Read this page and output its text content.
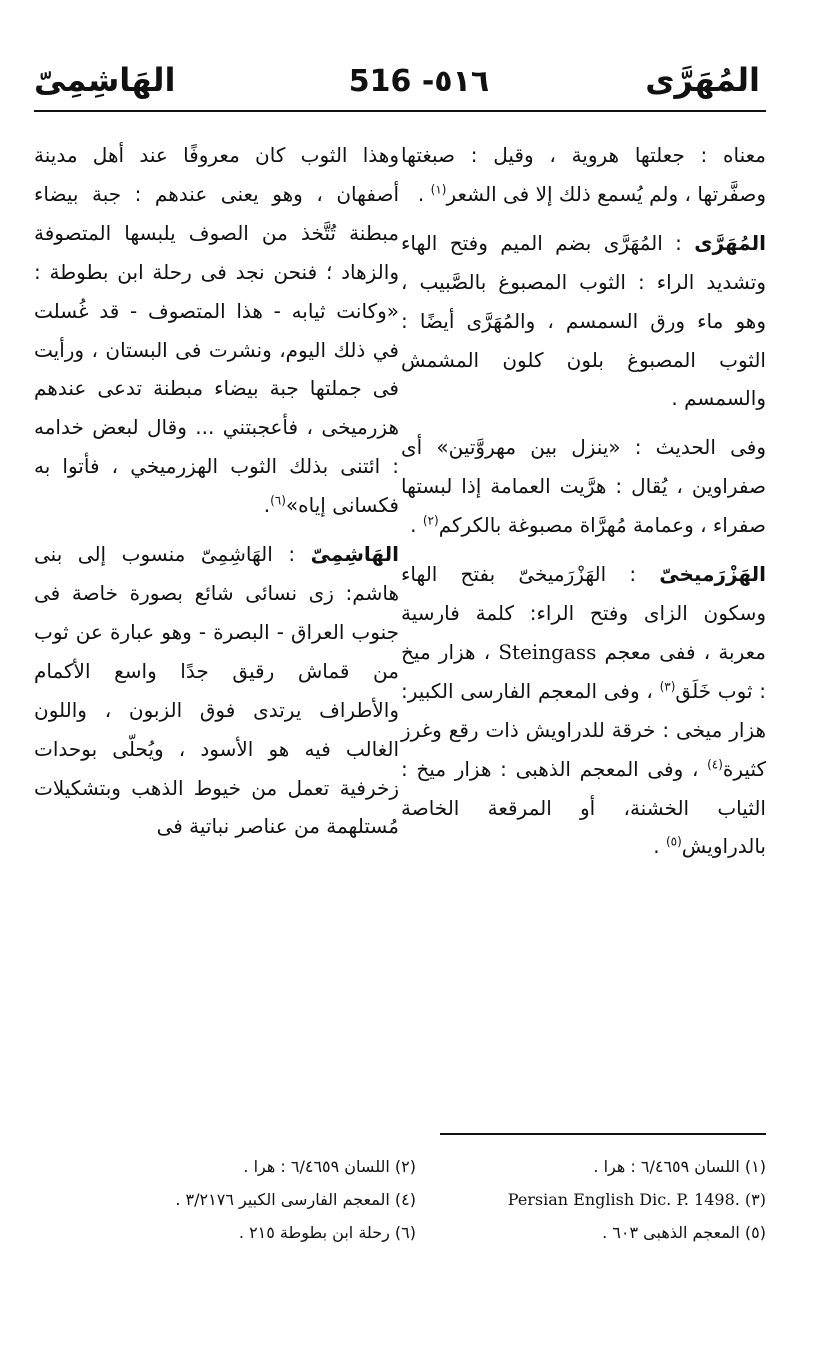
المُهَرَّى
516 -٥١٦
الهَاشِمِىّ

معناه : جعلتها هروية ، وقيل : صبغتها وصفَّرتها ، ولم يُسمع ذلك إلا فى الشعر$^{(١)}$ .

المُهَرَّى : المُهَرَّى بضم الميم وفتح الهاء وتشديد الراء : الثوب المصبوغ بالصَّبيب ، وهو ماء ورق السمسم ، والمُهَرَّى أيضًا : الثوب المصبوغ بلون كلون المشمش والسمسم .

وفى الحديث : «ينزل بين مهروَّتين» أى صفراوين ، يُقال : هرَّيت العمامة إذا لبستها صفراء ، وعمامة مُهرَّاة مصبوغة بالكركم$^{(٢)}$ .

الهَزْرَميخىّ : الهَزْرَميخىّ بفتح الهاء وسكون الزاى وفتح الراء: كلمة فارسية معربة ، ففى معجم Steingass ، هزار ميخ : ثوب خَلَق$^{(٣)}$ ، وفى المعجم الفارسى الكبير: هزار ميخى : خرقة للدراويش ذات رقع وغرز كثيرة$^{(٤)}$ ، وفى المعجم الذهبى : هزار ميخ : الثياب الخشنة، أو المرقعة الخاصة بالدراويش$^{(٥)}$ .

وهذا الثوب كان معروفًا عند أهل مدينة أصفهان ، وهو يعنى عندهم : جبة بيضاء مبطنة تُتَّخذ من الصوف يلبسها المتصوفة والزهاد ؛ فنحن نجد فى رحلة ابن بطوطة : «وكانت ثيابه - هذا المتصوف - قد غُسلت في ذلك اليوم، ونشرت فى البستان ، ورأيت فى جملتها جبة بيضاء مبطنة تدعى عندهم هزرميخى ، فأعجبتني ... وقال لبعض خدامه : ائتنى بذلك الثوب الهزرميخي ، فأتوا به فكسانى إياه»$^{(٦)}$.

الهَاشِمِىّ : الهَاشِمِىّ منسوب إلى بنى هاشم: زى نسائى شائع بصورة خاصة فى جنوب العراق - البصرة - وهو عبارة عن ثوب من قماش رقيق جدًا واسع الأكمام والأطراف يرتدى فوق الزبون ، واللون الغالب فيه هو الأسود ، ويُحلّى بوحدات زخرفية تعمل من خيوط الذهب وبتشكيلات مُستلهمة من عناصر نباتية فى

(١) اللسان ٦/٤٦٥٩ : هرا .
Persian English Dic. P. 1498. (٣)
(٥) المعجم الذهبى ٦٠٣ .
(٢) اللسان ٦/٤٦٥٩ : هرا .
(٤) المعجم الفارسى الكبير ٣/٢١٧٦ .
(٦) رحلة ابن بطوطة ٢١٥ .
